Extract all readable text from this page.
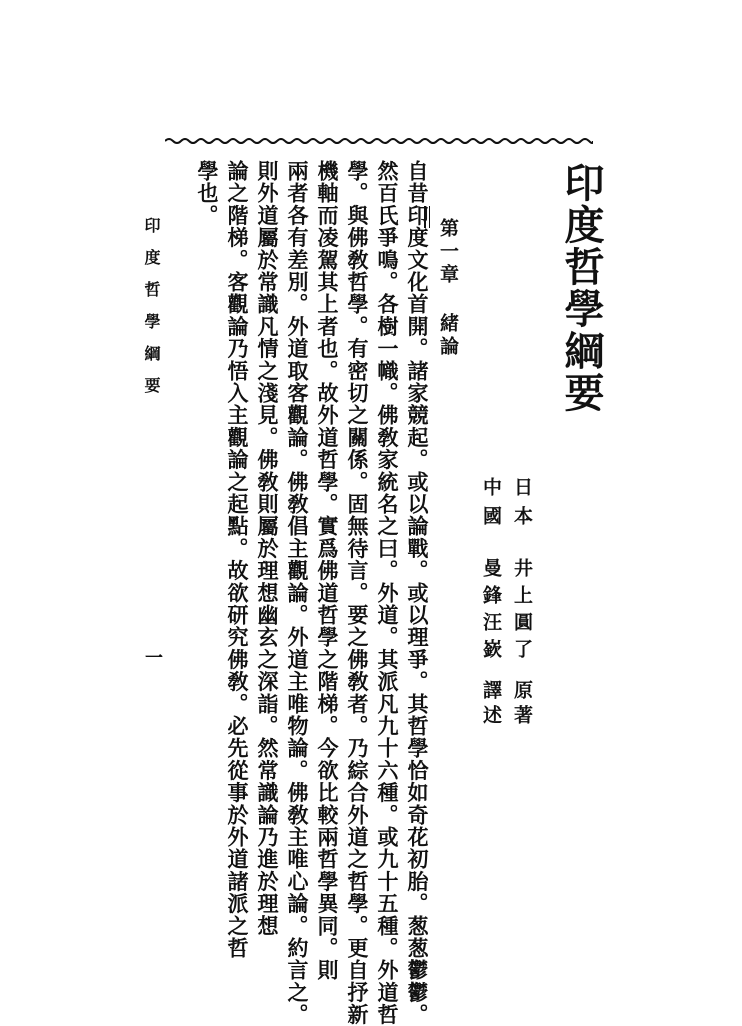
印度哲學綱要
日本
井上圓了
原著
中國
曼鋒汪嶔
譯述
第一章 緒論
自昔印度文化首開。諸家競起。或以論戰。或以理爭。其哲學恰如奇花初胎。葱葱鬱鬱。
然百氏爭鳴。各樹一幟。佛敎家統名之曰。外道。其派凡九十六種。或九十五種。外道哲
學。與佛敎哲學。有密切之關係。固無待言。要之佛敎者。乃綜合外道之哲學。更自抒新
機軸而凌駕其上者也。故外道哲學。實爲佛道哲學之階梯。今欲比較兩哲學異同。則
兩者各有差別。外道取客觀論。佛敎倡主觀論。外道主唯物論。佛敎主唯心論。約言之。
則外道屬於常識凡情之淺見。佛敎則屬於理想幽玄之深詣。然常識論乃進於理想
論之階梯。客觀論乃悟入主觀論之起點。故欲研究佛敎。必先從事於外道諸派之哲
學也。
印度哲學綱要
一
